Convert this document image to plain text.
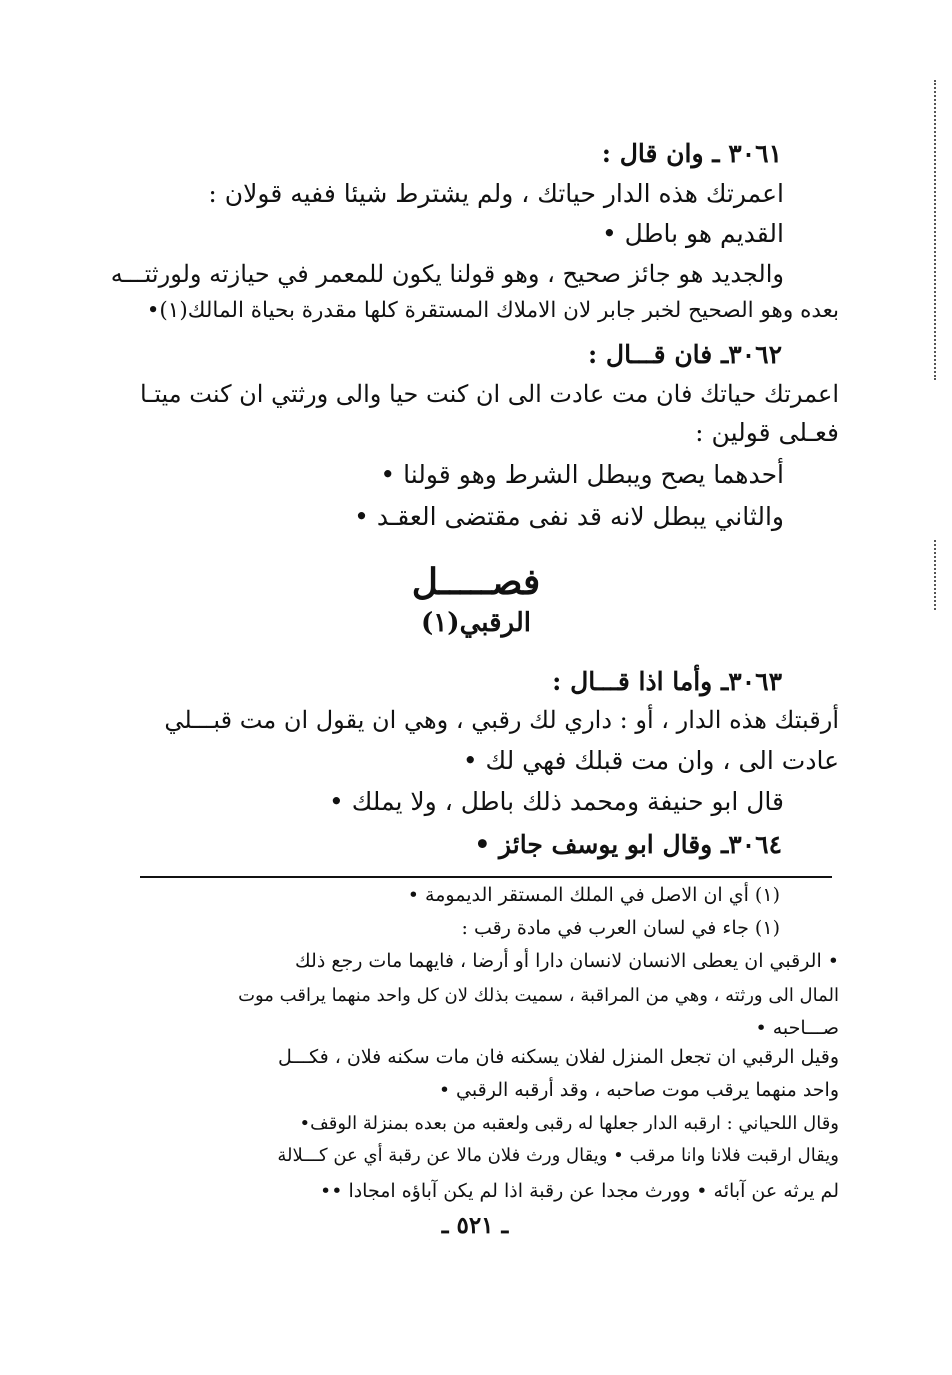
٣٠٦١ ـ وان قال :
اعمرتك هذه الدار حياتك ، ولم يشترط شيئا ففيه قولان :
القديم هو باطل •
والجديد هو جائز صحيح ، وهو قولنا يكون للمعمر في حيازته ولورثتـــه
بعده وهو الصحيح لخبر جابر لان الاملاك المستقرة كلها مقدرة بحياة المالك(١)•
٣٠٦٢ـ فان قـــال :
اعمرتك حياتك فان مت عادت الى ان كنت حيا والى ورثتي ان كنت ميتـا
فعـلى قولين :
أحدهما يصح ويبطل الشرط وهو قولنا •
والثاني يبطل لانه قد نفى مقتضى العقـد •
فصـــــل
الرقبي(١)
٣٠٦٣ـ وأما اذا قـــال :
أرقبتك هذه الدار ، أو : داري لك رقبي ، وهي ان يقول ان مت قبـــلي
عادت الى ، وان مت قبلك فهي لك •
قال ابو حنيفة ومحمد ذلك باطل ، ولا يملك •
٣٠٦٤ـ وقال ابو يوسف جائز •
(١) أي ان الاصل في الملك المستقر الديمومة •
(١) جاء في لسان العرب في مادة رقب :
• الرقبي ان يعطى الانسان لانسان دارا أو أرضا ، فايهما مات رجع ذلك
المال الى ورثته ، وهي من المراقبة ، سميت بذلك لان كل واحد منهما يراقب موت
صـــاحبه •
وقيل الرقبي ان تجعل المنزل لفلان يسكنه فان مات سكنه فلان ، فكـــل
واحد منهما يرقب موت صاحبه ، وقد أرقبه الرقبي •
وقال اللحياني : ارقبه الدار جعلها له رقبى ولعقبه من بعده بمنزلة الوقف•
ويقال ارقبت فلانا وانا مرقب • ويقال ورث فلان مالا عن رقبة أي عن كـــلالة
لم يرثه عن آبائه • وورث مجدا عن رقبة اذا لم يكن آباؤه امجادا ••
ـ ٥٢١ ـ
